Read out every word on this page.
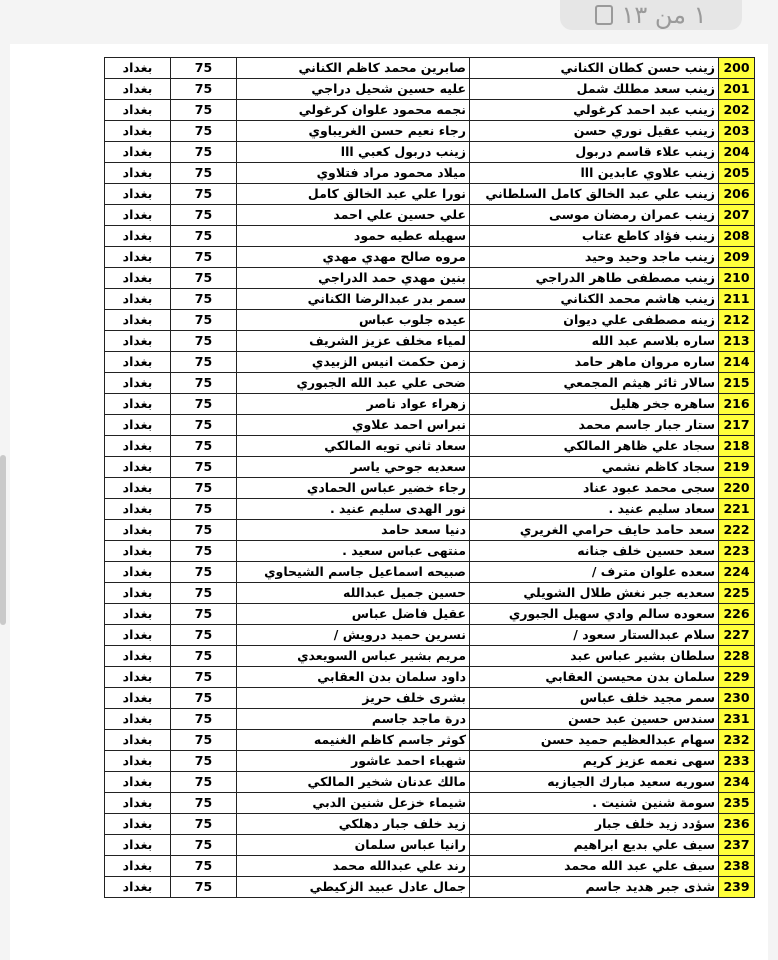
١ من ١٣
بغداد	75	صابرين محمد كاظم الكناني	زينب حسن كطان الكناني	200
بغداد	75	عليه حسين شحيل دراجي	زينب سعد مطلك شمل	201
بغداد	75	نجمه محمود علوان كرغولي	زينب عبد احمد كرغولي	202
بغداد	75	رجاء نعيم حسن الغريباوي	زينب عقيل نوري حسن	203
بغداد	75	زينب دربول كعبي ااا	زينب علاء قاسم دربول	204
بغداد	75	ميلاد محمود مراد فتلاوي	زينب علاوي عابدين ااا	205
بغداد	75	نورا علي عبد الخالق كامل	زينب علي عبد الخالق كامل السلطاني	206
بغداد	75	علي حسين علي احمد	زينب عمران رمضان موسى	207
بغداد	75	سهيله عطيه حمود	زينب فؤاد كاطع عتاب	208
بغداد	75	مروه صالح مهدي مهدي	زينب ماجد وحيد وحيد	209
بغداد	75	بنين مهدي حمد الدراجي	زينب مصطفى طاهر الدراجي	210
بغداد	75	سمر بدر عبدالرضا الكناني	زينب هاشم محمد الكناني	211
بغداد	75	عيده جلوب عباس	زينه مصطفى علي ديوان	212
بغداد	75	لمياء مخلف عزيز الشريف	ساره بلاسم عبد الله	213
بغداد	75	زمن حكمت انيس الزبيدي	ساره مروان ماهر حامد	214
بغداد	75	ضحى علي عبد الله الجبوري	سالار ثائر هيثم المجمعي	215
بغداد	75	زهراء عواد ناصر	ساهره جخر هليل	216
بغداد	75	نبراس احمد علاوي	ستار جبار جاسم محمد	217
بغداد	75	سعاد ثاني تويه المالكي	سجاد علي ظاهر المالكي	218
بغداد	75	سعديه جوحي ياسر	سجاد كاظم نشمي	219
بغداد	75	رجاء خضير عباس الحمادي	سجى محمد عبود عناد	220
بغداد	75	نور الهدى سليم عنيد .	سعاد سليم عنيد .	221
بغداد	75	دنيا سعد حامد	سعد حامد حايف حرامي الغريري	222
بغداد	75	منتهى عباس سعيد .	سعد حسين خلف جنانه	223
بغداد	75	صبيحه اسماعيل جاسم الشيحاوي	سعده علوان مترف /	224
بغداد	75	حسين جميل عبدالله	سعديه جبر نغش طلال الشويلي	225
بغداد	75	عقيل فاضل عباس	سعوده سالم وادي سهيل الجبوري	226
بغداد	75	نسرين حميد درويش /	سلام عبدالستار سعود /	227
بغداد	75	مريم بشير عباس السويعدي	سلطان بشير عباس عبد	228
بغداد	75	داود سلمان بدن العقابي	سلمان بدن محيسن العقابي	229
بغداد	75	بشرى خلف حريز	سمر مجيد خلف عباس	230
بغداد	75	درة ماجد جاسم	سندس حسين عبد حسن	231
بغداد	75	كوثر جاسم كاظم الغنيمه	سهام عبدالعظيم حميد حسن	232
بغداد	75	شهباء احمد عاشور	سهى نعمه عزيز كريم	233
بغداد	75	مالك عدنان شخير المالكي	سوريه سعيد مبارك الجيازيه	234
بغداد	75	شيماء خزعل شنين الدبي	سومة شنين شنيت .	235
بغداد	75	زيد خلف جبار دهلكي	سؤدد زيد خلف جبار	236
بغداد	75	رانيا عباس سلمان	سيف علي بديع ابراهيم	237
بغداد	75	رند علي عبدالله محمد	سيف علي عبد الله محمد	238
بغداد	75	جمال عادل عبيد الزكيطي	شذى جبر هديد جاسم	239
